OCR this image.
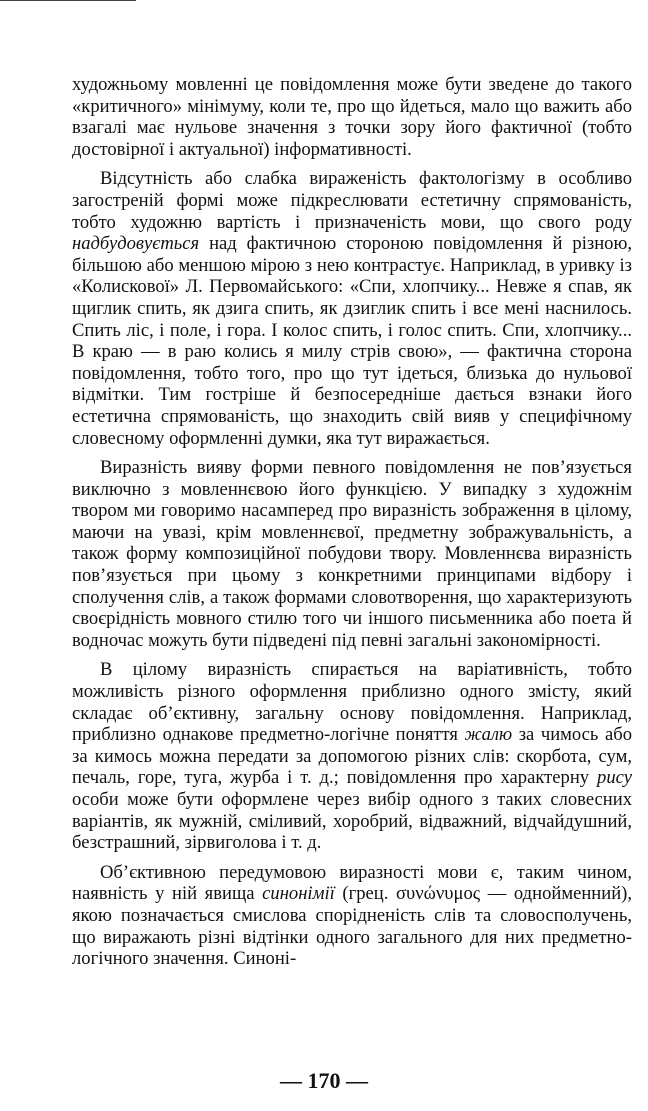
художньому мовленні це повідомлення може бути зведене до такого «критичного» мінімуму, коли те, про що йдеться, мало що важить або взагалі має нульове значення з точки зору його фактичної (тобто достовірної і актуальної) інформативності.

Відсутність або слабка вираженість фактологізму в особливо загостреній формі може підкреслювати естетичну спрямованість, тобто художню вартість і призначеність мови, що свого роду надбудовується над фактичною стороною повідомлення й різною, більшою або меншою мірою з нею контрастує. Наприклад, в уривку із «Колискової» Л. Первомайського: «Спи, хлопчику... Невже я спав, як щиглик спить, як дзига спить, як дзиглик спить і все мені наснилось. Спить ліс, і поле, і гора. І колос спить, і голос спить. Спи, хлопчику... В краю — в раю колись я милу стрів свою», — фактична сторона повідомлення, тобто того, про що тут ідеться, близька до нульової відмітки. Тим гостріше й безпосередніше дається взнаки його естетична спрямованість, що знаходить свій вияв у специфічному словесному оформленні думки, яка тут виражається.

Виразність вияву форми певного повідомлення не пов’язується виключно з мовленнєвою його функцією. У випадку з художнім твором ми говоримо насамперед про виразність зображення в цілому, маючи на увазі, крім мовленнєвої, предметну зображувальність, а також форму композиційної побудови твору. Мовленнєва виразність пов’язується при цьому з конкретними принципами відбору і сполучення слів, а також формами словотворення, що характеризують своєрідність мовного стилю того чи іншого письменника або поета й водночас можуть бути підведені під певні загальні закономірності.

В цілому виразність спирається на варіативність, тобто можливість різного оформлення приблизно одного змісту, який складає об’єктивну, загальну основу повідомлення. Наприклад, приблизно однакове предметно-логічне поняття жалю за чимось або за кимось можна передати за допомогою різних слів: скорбота, сум, печаль, горе, туга, журба і т. д.; повідомлення про характерну рису особи може бути оформлене через вибір одного з таких словесних варіантів, як мужній, сміливий, хоробрий, відважний, відчайдушний, безстрашний, зірвиголова і т. д.

Об’єктивною передумовою виразності мови є, таким чином, наявність у ній явища синонімії (грец. συνώνυμος — однойменний), якою позначається смислова спорідненість слів та словосполучень, що виражають різні відтінки одного загального для них предметно-логічного значення. Синоні-

— 170 —
